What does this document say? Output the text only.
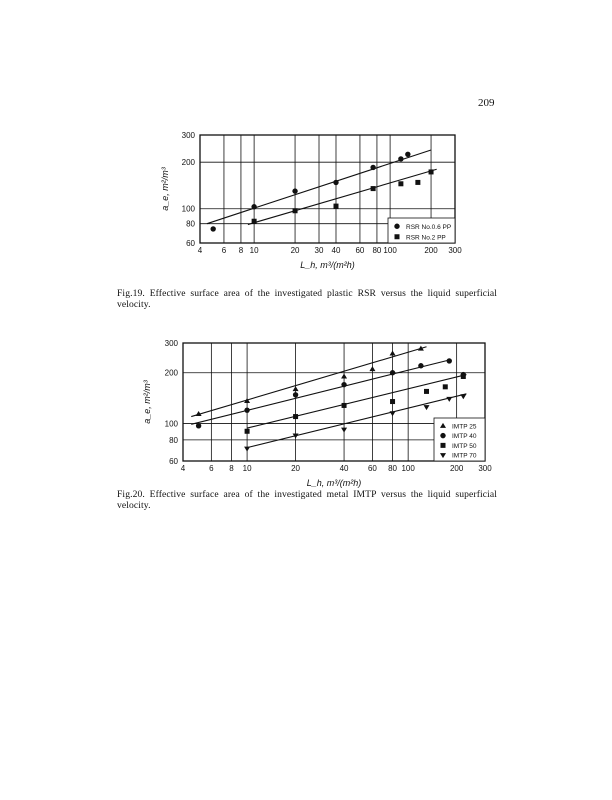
209
4 6 8 10	20 30 40 60 80 100	200 300
60
80
100
200
300
L_h, m³/(m²h)
a_e, m²/m³
RSR No.0.6 PP
RSR No.2 PP
4	6 8 10	20	40 60 80 100	200 300
60
80
100
200
300
L_h, m³/(m²h)
a_e, m²/m³
IMTP 25
IMTP 40
IMTP 50
IMTP 70
Fig.19. Effective surface area of the investigated plastic RSR versus the liquid superficial velocity.
Fig.20. Effective surface area of the investigated metal IMTP versus the liquid superficial velocity.
